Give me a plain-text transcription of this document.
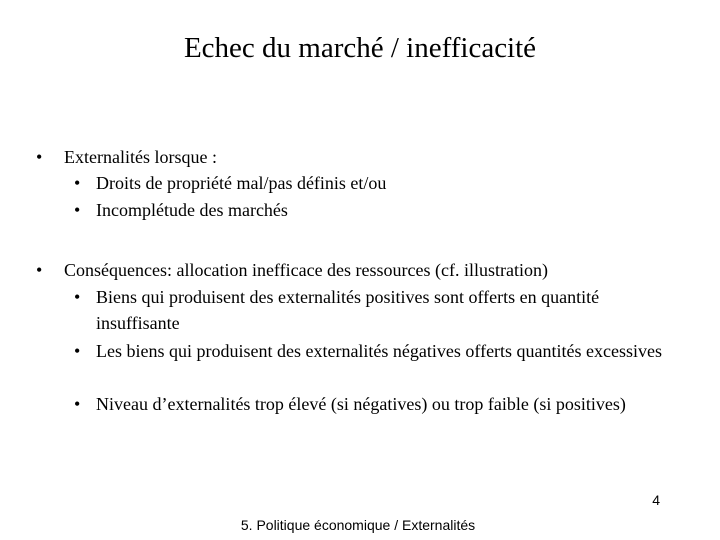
Echec du marché / inefficacité
• Externalités lorsque :
• Droits de propriété mal/pas définis et/ou
• Incomplétude des marchés
• Conséquences: allocation inefficace des ressources (cf. illustration)
• Biens qui produisent des externalités positives sont offerts en quantité insuffisante
• Les biens qui produisent des externalités négatives offerts quantités excessives
• Niveau d’externalités trop élevé (si négatives) ou trop faible (si positives)
4
5. Politique économique / Externalités
